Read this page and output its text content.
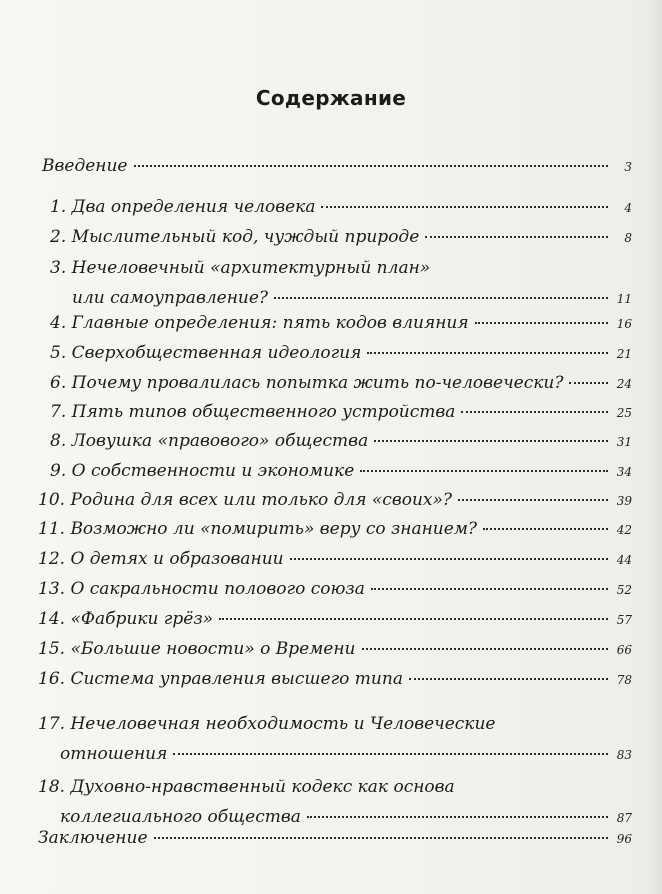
Содержание
Введение	3
1. Два определения человека	4
2. Мыслительный код, чуждый природе	8
3. Нечеловечный «архитектурный план»
или самоуправление?	11
4. Главные определения: пять кодов влияния	16
5. Сверхобщественная идеология	21
6. Почему провалилась попытка жить по-человечески?	24
7. Пять типов общественного устройства	25
8. Ловушка «правового» общества	31
9. О собственности и экономике	34
10. Родина для всех или только для «своих»?	39
11. Возможно ли «помирить» веру со знанием?	42
12. О детях и образовании	44
13. О сакральности полового союза	52
14. «Фабрики грёз»	57
15. «Большие новости» о Времени	66
16. Система управления высшего типа	78
17. Нечеловечная необходимость и Человеческие
отношения	83
18. Духовно-нравственный кодекс как основа
коллегиального общества	87
Заключение	96
